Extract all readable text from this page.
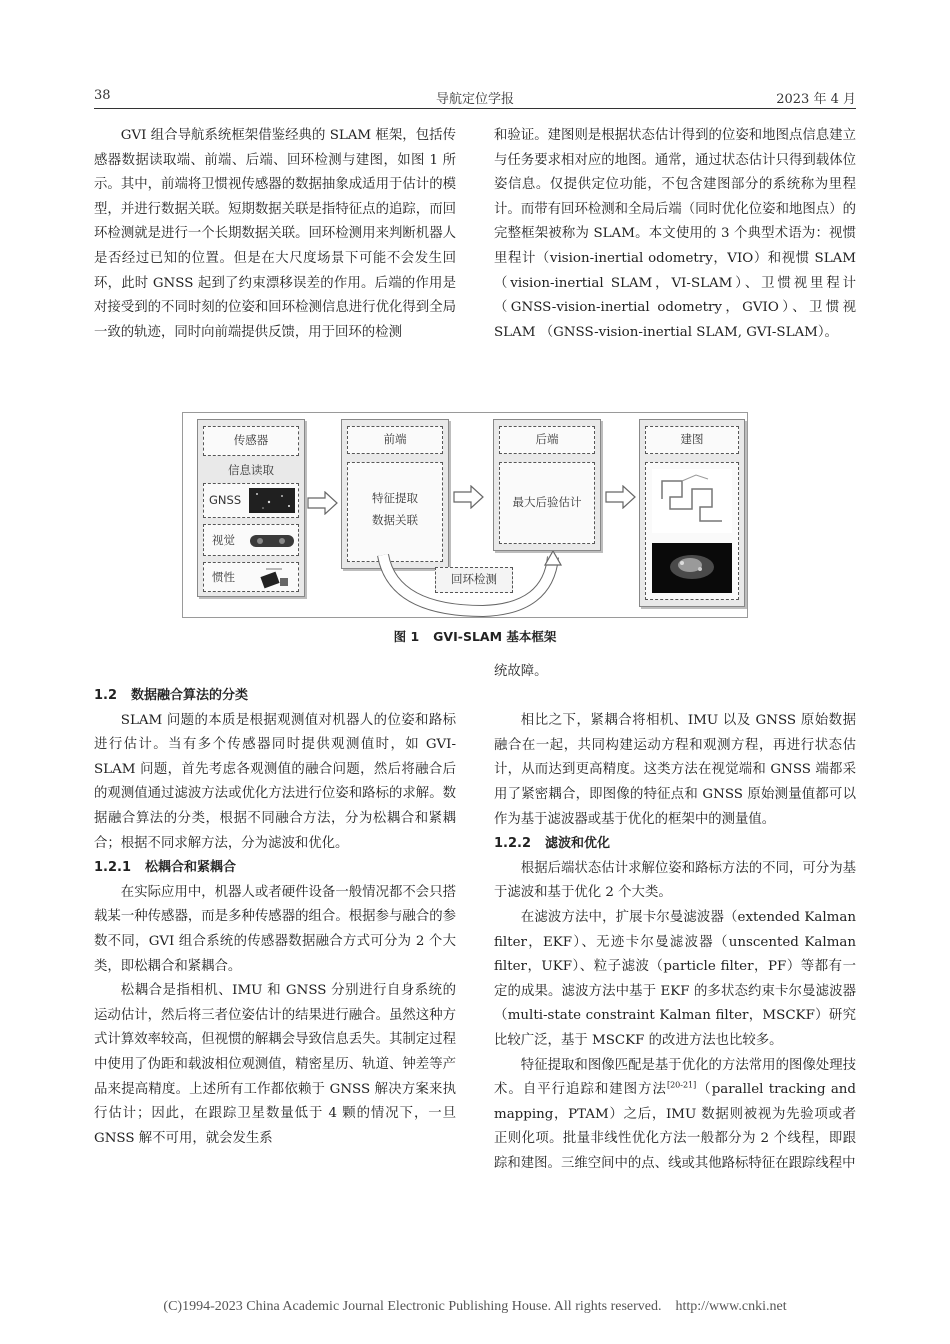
38	导航定位学报	2023 年 4 月

GVI 组合导航系统框架借鉴经典的 SLAM 框架，包括传感器数据读取端、前端、后端、回环检测与建图，如图 1 所示。其中，前端将卫惯视传感器的数据抽象成适用于估计的模型，并进行数据关联。短期数据关联是指特征点的追踪，而回环检测就是进行一个长期数据关联。回环检测用来判断机器人是否经过已知的位置。但是在大尺度场景下可能不会发生回环，此时 GNSS 起到了约束漂移误差的作用。后端的作用是对接受到的不同时刻的位姿和回环检测信息进行优化得到全局一致的轨迹，同时向前端提供反馈，用于回环的检测

和验证。建图则是根据状态估计得到的位姿和地图点信息建立与任务要求相对应的地图。通常，通过状态估计只得到载体位姿信息。仅提供定位功能，不包含建图部分的系统称为里程计。而带有回环检测和全局后端（同时优化位姿和地图点）的完整框架被称为 SLAM。本文使用的 3 个典型术语为：视惯里程计（vision-inertial odometry，VIO）和视惯 SLAM（vision-inertial SLAM，VI-SLAM）、卫惯视里程计（GNSS-vision-inertial odometry，GVIO）、卫惯视 SLAM （GNSS-vision-inertial SLAM, GVI-SLAM）。

传感器
信息读取
GNSS
视觉
惯性
前端
特征提取
数据关联
后端
最大后验估计
建图
回环检测
图 1 GVI-SLAM 基本框架
1.2 数据融合算法的分类

SLAM 问题的本质是根据观测值对机器人的位姿和路标进行估计。当有多个传感器同时提供观测值时，如 GVI-SLAM 问题，首先考虑各观测值的融合问题，然后将融合后的观测值通过滤波方法或优化方法进行位姿和路标的求解。数据融合算法的分类，根据不同融合方法，分为松耦合和紧耦合；根据不同求解方法，分为滤波和优化。

1.2.1 松耦合和紧耦合

在实际应用中，机器人或者硬件设备一般情况都不会只搭载某一种传感器，而是多种传感器的组合。根据参与融合的参数不同，GVI 组合系统的传感器数据融合方式可分为 2 个大类，即松耦合和紧耦合。

松耦合是指相机、IMU 和 GNSS 分别进行自身系统的运动估计，然后将三者位姿估计的结果进行融合。虽然这种方式计算效率较高，但视惯的解耦会导致信息丢失。其制定过程中使用了伪距和载波相位观测值，精密星历、轨道、钟差等产品来提高精度。上述所有工作都依赖于 GNSS 解决方案来执行估计；因此，在跟踪卫星数量低于 4 颗的情况下，一旦 GNSS 解不可用，就会发生系

统故障。

相比之下，紧耦合将相机、IMU 以及 GNSS 原始数据融合在一起，共同构建运动方程和观测方程，再进行状态估计，从而达到更高精度。这类方法在视觉端和 GNSS 端都采用了紧密耦合，即图像的特征点和 GNSS 原始测量值都可以作为基于滤波器或基于优化的框架中的测量值。

1.2.2 滤波和优化

根据后端状态估计求解位姿和路标方法的不同，可分为基于滤波和基于优化 2 个大类。

在滤波方法中，扩展卡尔曼滤波器（extended Kalman filter，EKF）、无迹卡尔曼滤波器（unscented Kalman filter，UKF）、粒子滤波（particle filter，PF）等都有一定的成果。滤波方法中基于 EKF 的多状态约束卡尔曼滤波器（multi-state constraint Kalman filter，MSCKF）研究比较广泛，基于 MSCKF 的改进方法也比较多。

特征提取和图像匹配是基于优化的方法常用的图像处理技术。自平行追踪和建图方法[20-21]（parallel tracking and mapping，PTAM）之后，IMU 数据则被视为先验项或者正则化项。批量非线性优化方法一般都分为 2 个线程，即跟踪和建图。三维空间中的点、线或其他路标特征在跟踪线程中

(C)1994-2023 China Academic Journal Electronic Publishing House. All rights reserved. http://www.cnki.net
